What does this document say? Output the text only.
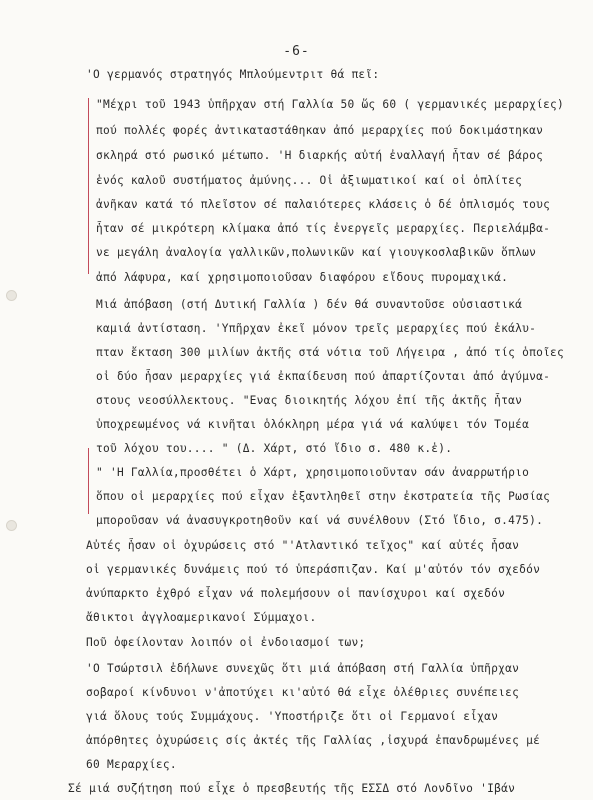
-6-
'Ο γερμανός στρατηγός Μπλούμεντριτ θά πεῖ:
"Μέχρι τοῦ 1943 ὑπῆρχαν στή Γαλλία 50 ὥς 60 ( γερμανικές μεραρχίες)
πού πολλές φορές ἀντικαταστάθηκαν ἀπό μεραρχίες πού δοκιμάστηκαν
σκληρά στό ρωσικό μέτωπο. 'Η διαρκής αὐτή ἐναλλαγή ἦταν σέ βάρος
ἑνός καλοῦ συστήματος ἀμύνης... Οἱ ἀξιωματικοί καί οἱ ὁπλίτες
ἀνῆκαν κατά τό πλεῖστον σέ παλαιότερες κλάσεις ὁ δέ ὁπλισμός τους
ἦταν σέ μικρότερη κλίμακα ἀπό τίς ἐνεργεῖς μεραρχίες. Περιελάμβα-
νε μεγάλη ἀναλογία γαλλικῶν,πολωνικῶν καί γιουγκοσλαβικῶν ὅπλων
ἀπό λάφυρα, καί χρησιμοποιοῦσαν διαφόρου εἴδους πυρομαχικά.
Μιά ἀπόβαση (στή Δυτική Γαλλία ) δέν θά συναντοῦσε οὐσιαστικά
καμιά ἀντίσταση. 'Υπῆρχαν ἐκεῖ μόνον τρεῖς μεραρχίες πού ἐκάλυ-
πταν ἔκταση 300 μιλίων ἀκτῆς στά νότια τοῦ Λήγειρα , ἀπό τίς ὁποῖες
οἱ δύο ἦσαν μεραρχίες γιά ἐκπαίδευση πού ἀπαρτίζονται ἀπό ἀγύμνα-
στους νεοσύλλεκτους. "Ενας διοικητής λόχου ἐπί τῆς ἀκτῆς ἦταν
ὑποχρεωμένος νά κινῆται ὁλόκληρη μέρα γιά νά καλύψει τόν Τομέα
τοῦ λόχου του.... " (Δ. Χάρτ, στό ἴδιο σ. 480 κ.ἑ).
" 'Η Γαλλία,προσθέτει ὁ Χάρτ, χρησιμοποιοῦνταν σάν ἀναρρωτήριο
ὅπου οἱ μεραρχίες πού εἶχαν ἐξαντληθεῖ στην ἐκστρατεία τῆς Ρωσίας
μποροῦσαν νά ἀνασυγκροτηθοῦν καί νά συνέλθουν (Στό ἴδιο, σ.475).
Αὐτές ἦσαν οἱ ὀχυρώσεις στό "'Ατλαντικό τεῖχος" καί αὐτές ἦσαν
οἱ γερμανικές δυνάμεις πού τό ὑπεράσπιζαν. Καί μ'αὐτόν τόν σχεδόν
ἀνύπαρκτο ἐχθρό εἶχαν νά πολεμήσουν οἱ πανίσχυροι καί σχεδόν
ἄθικτοι ἀγγλοαμερικανοί Σύμμαχοι.
Ποῦ ὀφείλονταν λοιπόν οἱ ἐνδοιασμοί των;
'Ο Τσώρτσιλ ἐδήλωνε συνεχῶς ὅτι μιά ἀπόβαση στή Γαλλία ὑπῆρχαν
σοβαροί κίνδυνοι ν'ἀποτύχει κι'αὐτό θά εἶχε ὀλέθριες συνέπειες
γιά ὅλους τούς Συμμάχους. 'Υποστήριζε ὅτι οἱ Γερμανοί εἶχαν
ἀπόρθητες ὀχυρώσεις σίς ἀκτές τῆς Γαλλίας ,ἰσχυρά ἐπανδρωμένες μέ
60 Μεραρχίες.
Σέ μιά συζήτηση πού εἶχε ὁ πρεσβευτής τῆς ΕΣΣΔ στό Λονδῖνο 'Ιβάν
